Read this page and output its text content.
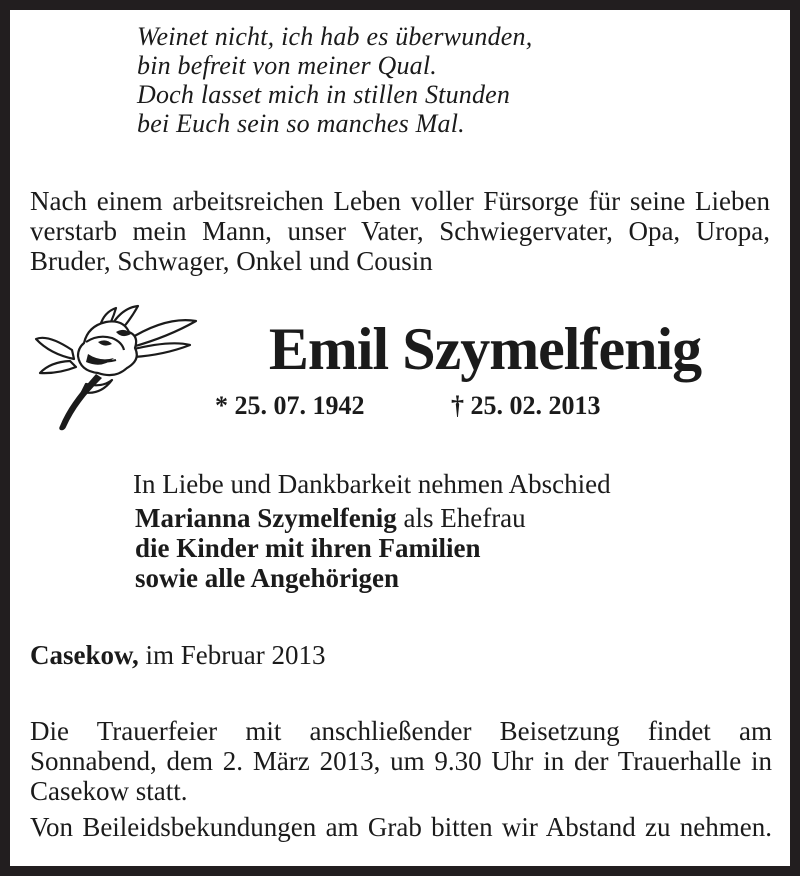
Weinet nicht, ich hab es überwunden,
bin befreit von meiner Qual.
Doch lasset mich in stillen Stunden
bei Euch sein so manches Mal.
Nach einem arbeitsreichen Leben voller Fürsorge für seine Lieben
verstarb mein Mann, unser Vater, Schwiegervater, Opa, Uropa,
Bruder, Schwager, Onkel und Cousin
Emil Szymelfenig
* 25. 07. 1942	† 25. 02. 2013
In Liebe und Dankbarkeit nehmen Abschied
Marianna Szymelfenig als Ehefrau
die Kinder mit ihren Familien
sowie alle Angehörigen
Casekow, im Februar 2013
Die Trauerfeier mit anschließender Beisetzung findet am
Sonnabend, dem 2. März 2013, um 9.30 Uhr in der Trauerhalle in
Casekow statt.
Von Beileidsbekundungen am Grab bitten wir Abstand zu nehmen.
